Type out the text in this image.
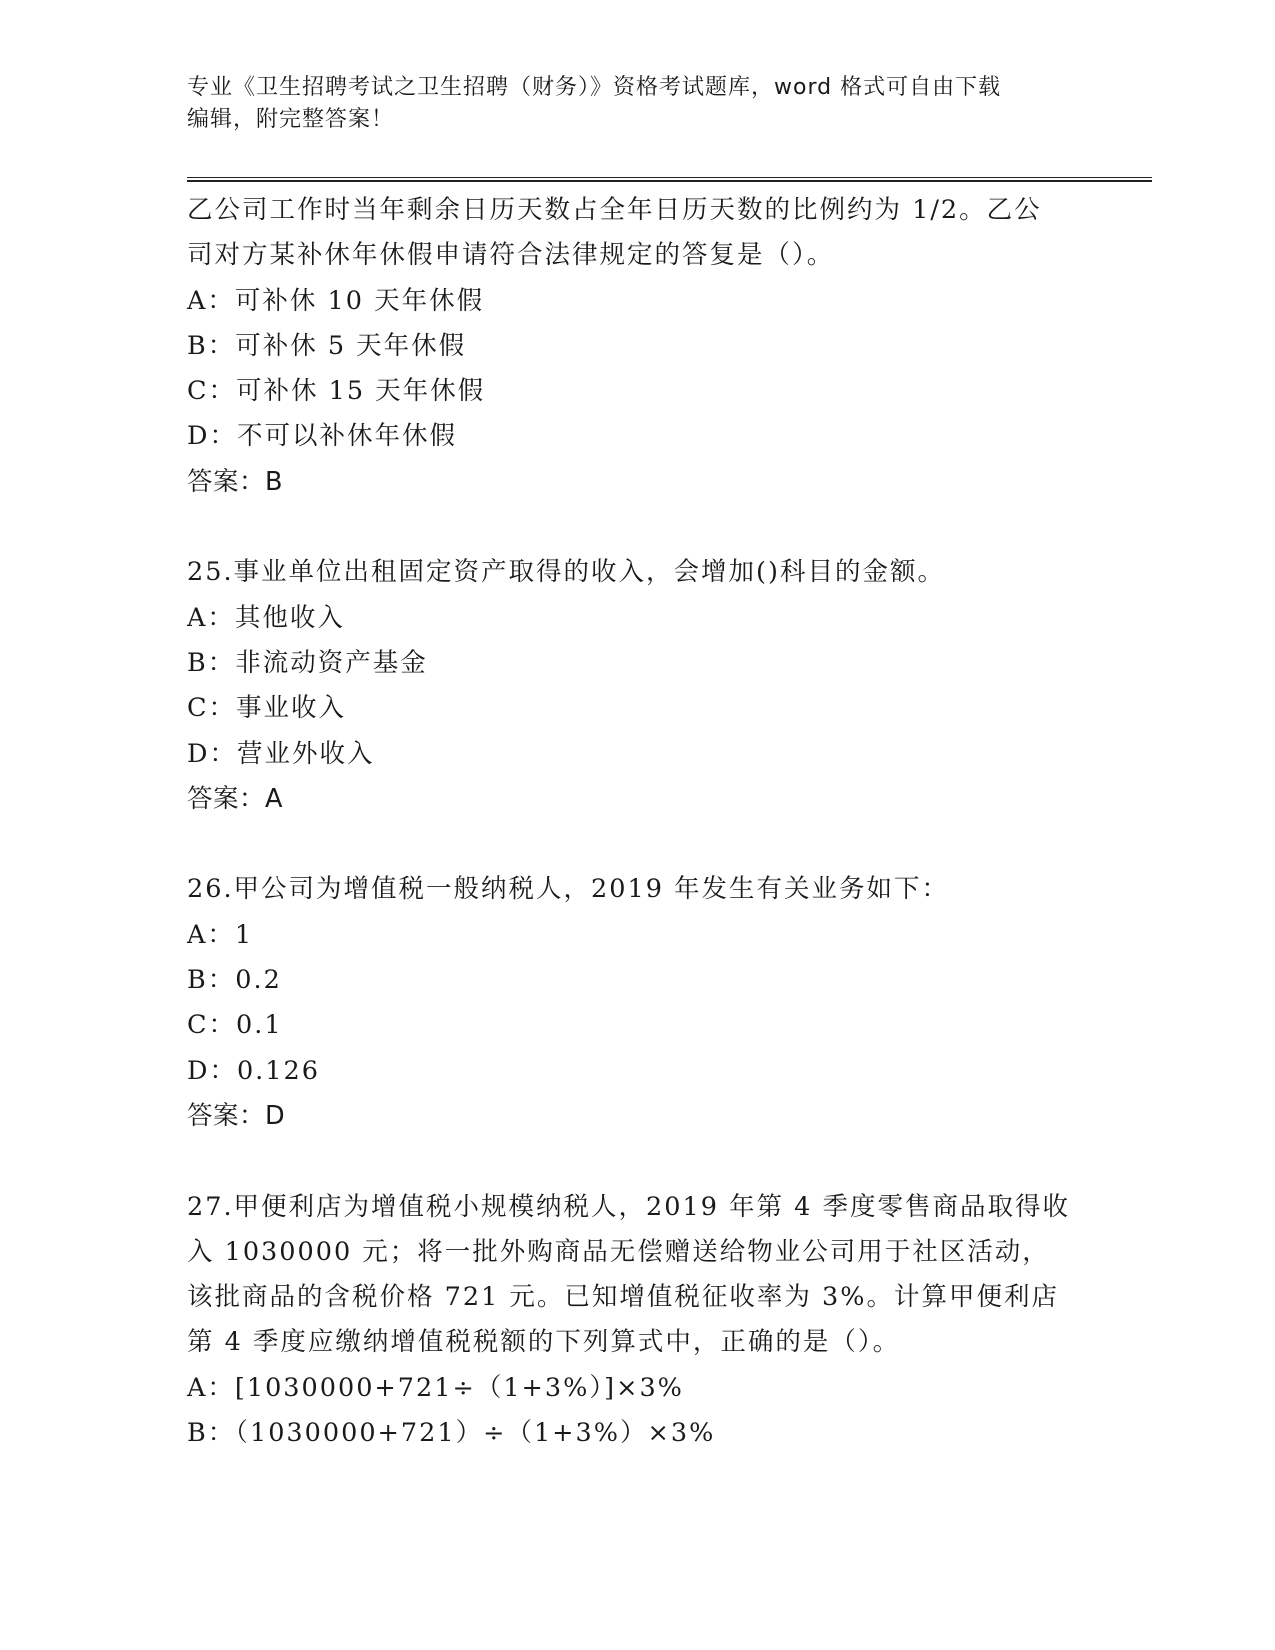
专业《卫生招聘考试之卫生招聘（财务）》资格考试题库，word 格式可自由下载
编辑，附完整答案！
乙公司工作时当年剩余日历天数占全年日历天数的比例约为 1/2。乙公
司对方某补休年休假申请符合法律规定的答复是（）。
A：可补休 10 天年休假
B：可补休 5 天年休假
C：可补休 15 天年休假
D：不可以补休年休假
答案：B
25.事业单位出租固定资产取得的收入，会增加()科目的金额。
A：其他收入
B：非流动资产基金
C：事业收入
D：营业外收入
答案：A
26.甲公司为增值税一般纳税人，2019 年发生有关业务如下：
A：1
B：0.2
C：0.1
D：0.126
答案：D
27.甲便利店为增值税小规模纳税人，2019 年第 4 季度零售商品取得收
入 1030000 元；将一批外购商品无偿赠送给物业公司用于社区活动，
该批商品的含税价格 721 元。已知增值税征收率为 3%。计算甲便利店
第 4 季度应缴纳增值税税额的下列算式中，正确的是（）。
A：[1030000+721÷（1+3%）]×3%
B：（1030000+721）÷（1+3%）×3%
